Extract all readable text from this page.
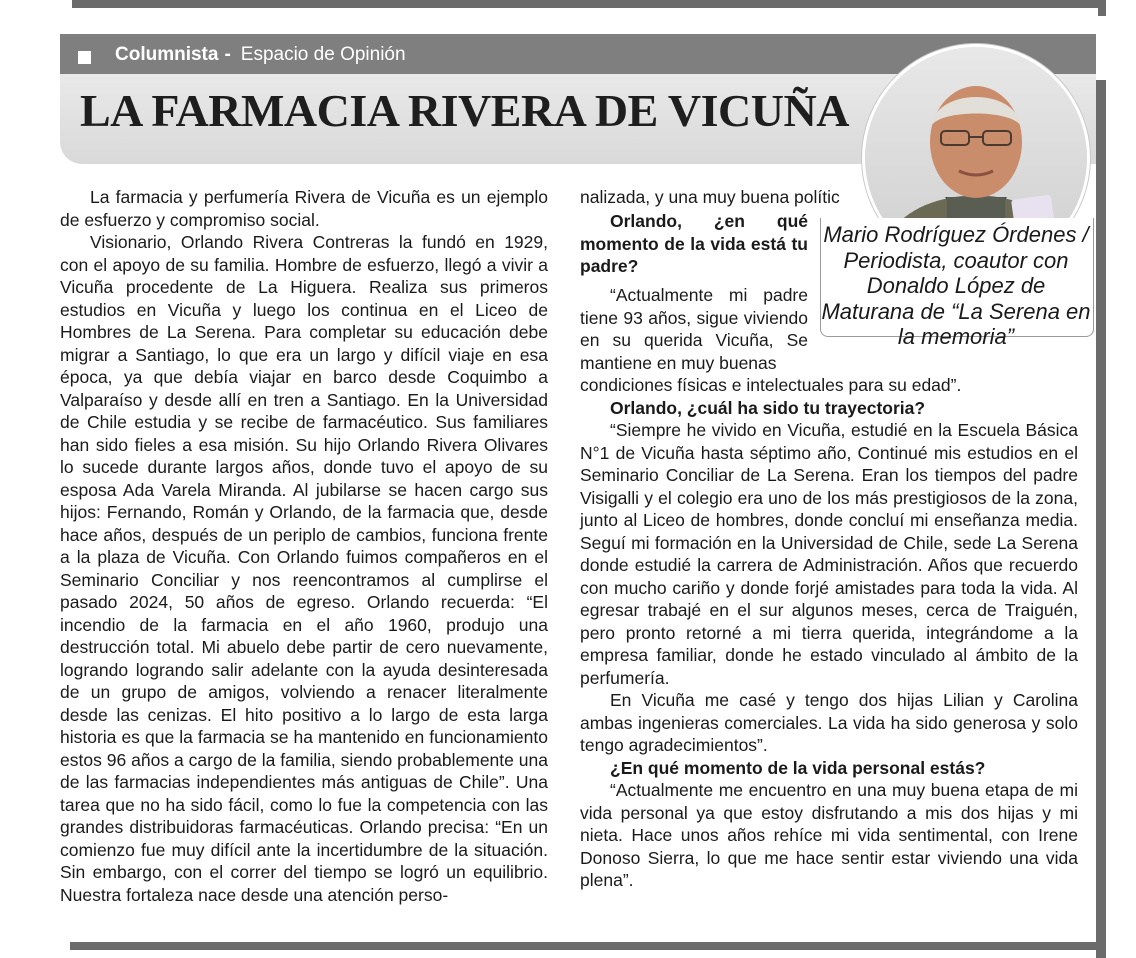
Columnista - Espacio de Opinión
LA FARMACIA RIVERA DE VICUÑA
Mario Rodríguez Órdenes / Periodista, coautor con Donaldo López de Maturana de “La Serena en la memoria”

La farmacia y perfumería Rivera de Vicuña es un ejemplo de esfuerzo y compromiso social.

Visionario, Orlando Rivera Contreras la fundó en 1929, con el apoyo de su familia. Hombre de esfuerzo, llegó a vivir a Vicuña procedente de La Higuera. Realiza sus primeros estudios en Vicuña y luego los continua en el Liceo de Hombres de La Serena. Para completar su educación debe migrar a Santiago, lo que era un largo y difícil viaje en esa época, ya que debía viajar en barco desde Coquimbo a Valparaíso y desde allí en tren a Santiago. En la Universidad de Chile estudia y se recibe de farmacéutico. Sus familiares han sido fieles a esa misión. Su hijo Orlando Rivera Olivares lo sucede durante largos años, donde tuvo el apoyo de su esposa Ada Varela Miranda. Al jubilarse se hacen cargo sus hijos: Fernando, Román y Orlando, de la farmacia que, desde hace años, después de un periplo de cambios, funciona frente a la plaza de Vicuña. Con Orlando fuimos compañeros en el Seminario Conciliar y nos reencontramos al cumplirse el pasado 2024, 50 años de egreso. Orlando recuerda: “El incendio de la farmacia en el año 1960, produjo una destrucción total. Mi abuelo debe partir de cero nuevamente, logrando logrando salir adelante con la ayuda desinteresada de un grupo de amigos, volviendo a renacer literalmente desde las cenizas. El hito positivo a lo largo de esta larga historia es que la farmacia se ha mantenido en funcionamiento estos 96 años a cargo de la familia, siendo probablemente una de las farmacias independientes más antiguas de Chile”. Una tarea que no ha sido fácil, como lo fue la competencia con las grandes distribuidoras farmacéuticas. Orlando precisa: “En un comienzo fue muy difícil ante la incertidumbre de la situación. Sin embargo, con el correr del tiempo se logró un equilibrio. Nuestra fortaleza nace desde una atención perso-

nalizada, y una muy buena polític

Orlando, ¿en qué momento de la vida está tu padre?

“Actualmente mi padre tiene 93 años, sigue viviendo en su querida Vicuña, Se mantiene en muy buenas

condiciones físicas e intelectuales para su edad”.

Orlando, ¿cuál ha sido tu trayectoria?

“Siempre he vivido en Vicuña, estudié en la Escuela Básica N°1 de Vicuña hasta séptimo año, Continué mis estudios en el Seminario Conciliar de La Serena. Eran los tiempos del padre Visigalli y el colegio era uno de los más prestigiosos de la zona, junto al Liceo de hombres, donde concluí mi enseñanza media. Seguí mi formación en la Universidad de Chile, sede La Serena donde estudié la carrera de Administración. Años que recuerdo con mucho cariño y donde forjé amistades para toda la vida. Al egresar trabajé en el sur algunos meses, cerca de Traiguén, pero pronto retorné a mi tierra querida, integrándome a la empresa familiar, donde he estado vinculado al ámbito de la perfumería.

En Vicuña me casé y tengo dos hijas Lilian y Carolina ambas ingenieras comerciales. La vida ha sido generosa y solo tengo agradecimientos”.

¿En qué momento de la vida personal estás?

“Actualmente me encuentro en una muy buena etapa de mi vida personal ya que estoy disfrutando a mis dos hijas y mi nieta. Hace unos años rehíce mi vida sentimental, con Irene Donoso Sierra, lo que me hace sentir estar viviendo una vida plena”.
